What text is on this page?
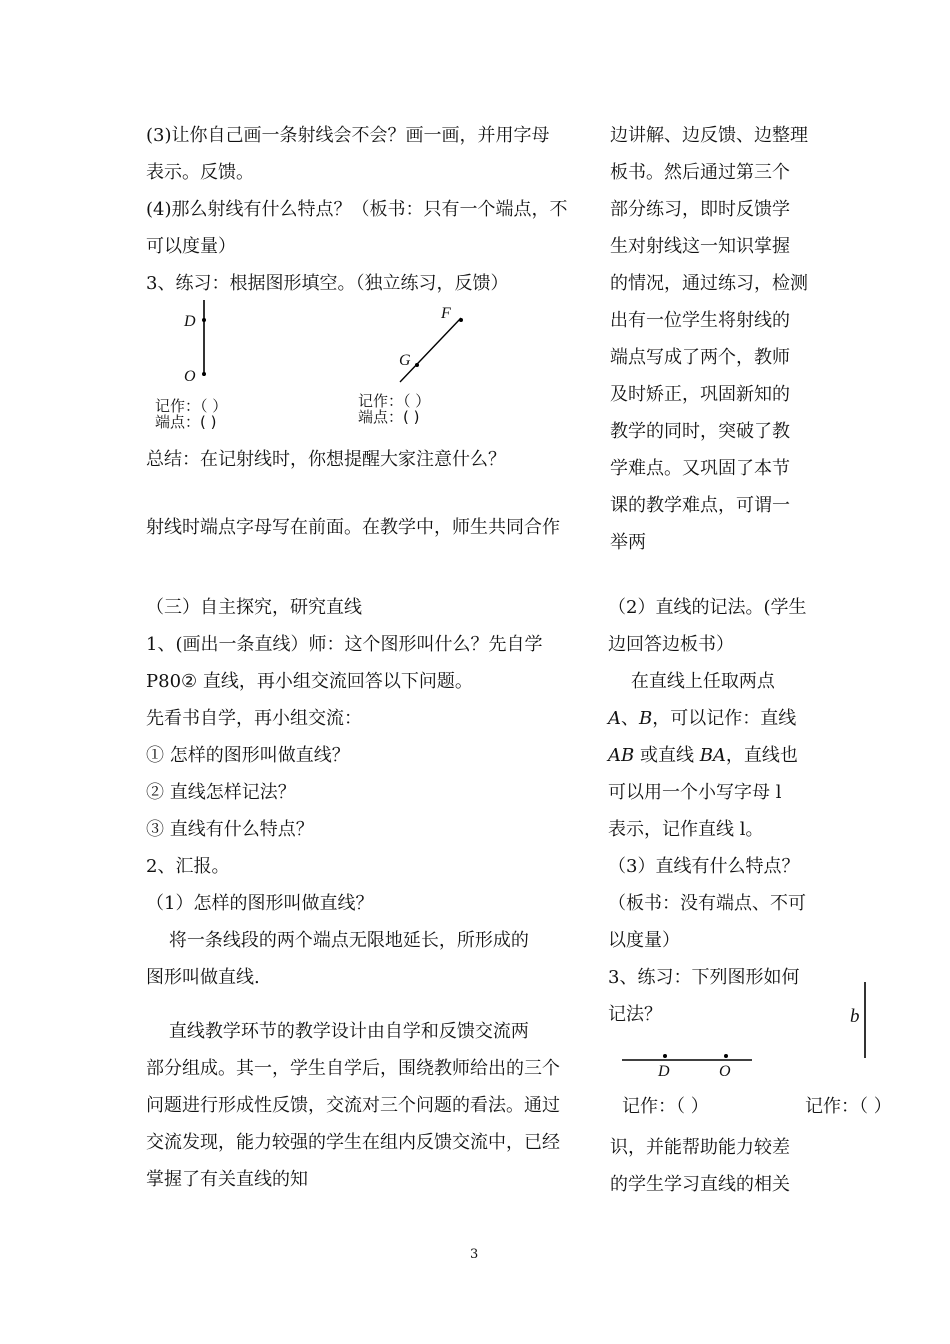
(3)让你自己画一条射线会不会？画一画，并用字母
表示。反馈。
(4)那么射线有什么特点？（板书：只有一个端点，不
可以度量）
3、练习：根据图形填空。（独立练习，反馈）
D
O
记作：（ ）
端点：( )
F
G
记作：（ ）
端点：( )
总结：在记射线时，你想提醒大家注意什么？
射线时端点字母写在前面。在教学中，师生共同合作
边讲解、边反馈、边整理
板书。然后通过第三个
部分练习，即时反馈学
生对射线这一知识掌握
的情况，通过练习，检测
出有一位学生将射线的
端点写成了两个，教师
及时矫正，巩固新知的
教学的同时，突破了教
学难点。又巩固了本节
课的教学难点，可谓一
举两
（三）自主探究，研究直线
1、(画出一条直线）师：这个图形叫什么？先自学
P80② 直线，再小组交流回答以下问题。
先看书自学，再小组交流：
① 怎样的图形叫做直线？
② 直线怎样记法？
③ 直线有什么特点？
2、汇报。
（1）怎样的图形叫做直线？
将一条线段的两个端点无限地延长，所形成的
图形叫做直线.
直线教学环节的教学设计由自学和反馈交流两
部分组成。其一，学生自学后，围绕教师给出的三个
问题进行形成性反馈，交流对三个问题的看法。通过
交流发现，能力较强的学生在组内反馈交流中，已经
掌握了有关直线的知
（2）直线的记法。(学生
边回答边板书）
在直线上任取两点
A、B，可以记作：直线
AB 或直线 BA，直线也
可以用一个小写字母 l
表示，记作直线 l。
（3）直线有什么特点？
（板书：没有端点、不可
以度量）
3、练习：下列图形如何
记法？	b
D	O
记作：（ ）	记作：（ ）
识，并能帮助能力较差
的学生学习直线的相关
3
